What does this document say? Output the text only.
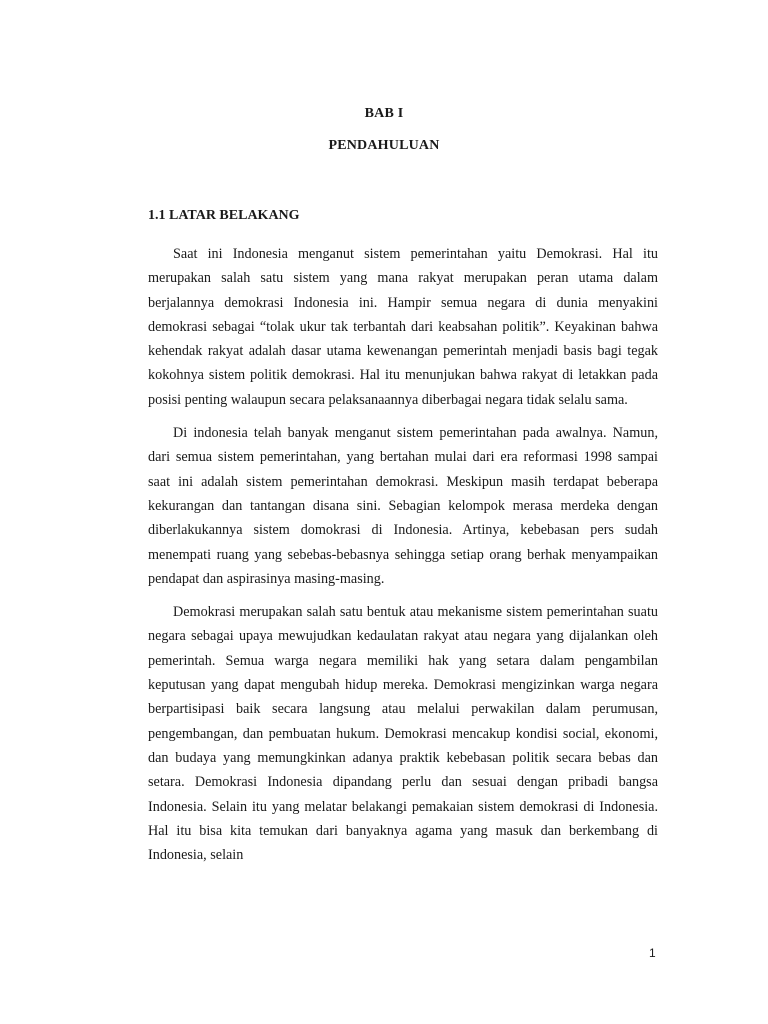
BAB I
PENDAHULUAN
1.1 LATAR BELAKANG

Saat ini Indonesia menganut sistem pemerintahan yaitu Demokrasi. Hal itu merupakan salah satu sistem yang mana rakyat merupakan peran utama dalam berjalannya demokrasi Indonesia ini. Hampir semua negara di dunia menyakini demokrasi sebagai “tolak ukur tak terbantah dari keabsahan politik”. Keyakinan bahwa kehendak rakyat adalah dasar utama kewenangan pemerintah menjadi basis bagi tegak kokohnya sistem politik demokrasi. Hal itu menunjukan bahwa rakyat di letakkan pada posisi penting walaupun secara pelaksanaannya diberbagai negara tidak selalu sama.

Di indonesia telah banyak menganut sistem pemerintahan pada awalnya. Namun, dari semua sistem pemerintahan, yang bertahan mulai dari era reformasi 1998 sampai saat ini adalah sistem pemerintahan demokrasi. Meskipun masih terdapat beberapa kekurangan dan tantangan disana sini. Sebagian kelompok merasa merdeka dengan diberlakukannya sistem domokrasi di Indonesia. Artinya, kebebasan pers sudah menempati ruang yang sebebas-bebasnya sehingga setiap orang berhak menyampaikan pendapat dan aspirasinya masing-masing.

Demokrasi merupakan salah satu bentuk atau mekanisme sistem pemerintahan suatu negara sebagai upaya mewujudkan kedaulatan rakyat atau negara yang dijalankan oleh pemerintah. Semua warga negara memiliki hak yang setara dalam pengambilan keputusan yang dapat mengubah hidup mereka. Demokrasi mengizinkan warga negara berpartisipasi baik secara langsung atau melalui perwakilan dalam perumusan, pengembangan, dan pembuatan hukum. Demokrasi mencakup kondisi social, ekonomi, dan budaya yang memungkinkan adanya praktik kebebasan politik secara bebas dan setara. Demokrasi Indonesia dipandang perlu dan sesuai dengan pribadi bangsa Indonesia. Selain itu yang melatar belakangi pemakaian sistem demokrasi di Indonesia. Hal itu bisa kita temukan dari banyaknya agama yang masuk dan berkembang di Indonesia, selain

1
